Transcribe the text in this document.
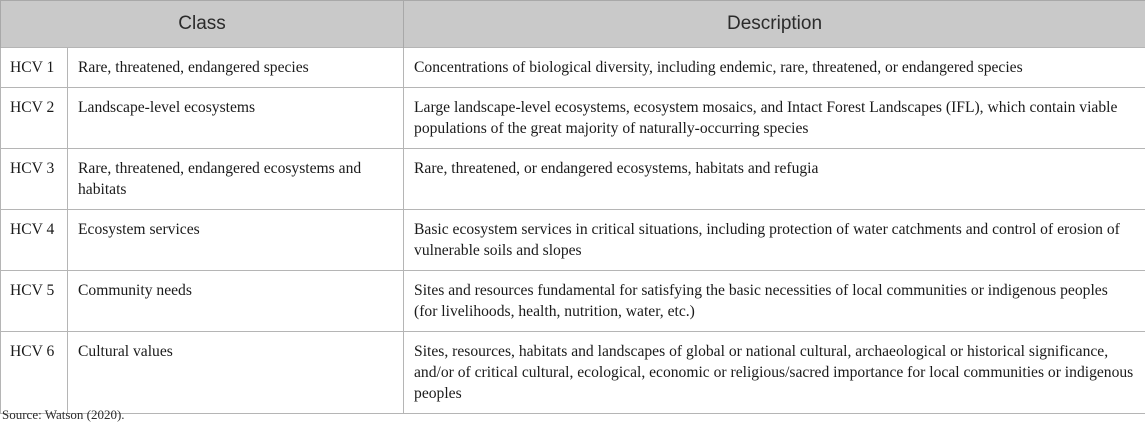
Class		Description
HCV 1	Rare, threatened, endangered species	Concentrations of biological diversity, including endemic, rare, threatened, or endangered species
HCV 2	Landscape-level ecosystems	Large landscape-level ecosystems, ecosystem mosaics, and Intact Forest Landscapes (IFL), which contain viable populations of the great majority of naturally-occurring species
HCV 3	Rare, threatened, endangered ecosystems and habitats	Rare, threatened, or endangered ecosystems, habitats and refugia
HCV 4	Ecosystem services	Basic ecosystem services in critical situations, including protection of water catchments and control of erosion of vulnerable soils and slopes
HCV 5	Community needs	Sites and resources fundamental for satisfying the basic necessities of local communities or indigenous peoples (for livelihoods, health, nutrition, water, etc.)
HCV 6	Cultural values	Sites, resources, habitats and landscapes of global or national cultural, archaeological or historical significance, and/or of critical cultural, ecological, economic or religious/sacred importance for local communities or indigenous peoples
Source: Watson (2020).
